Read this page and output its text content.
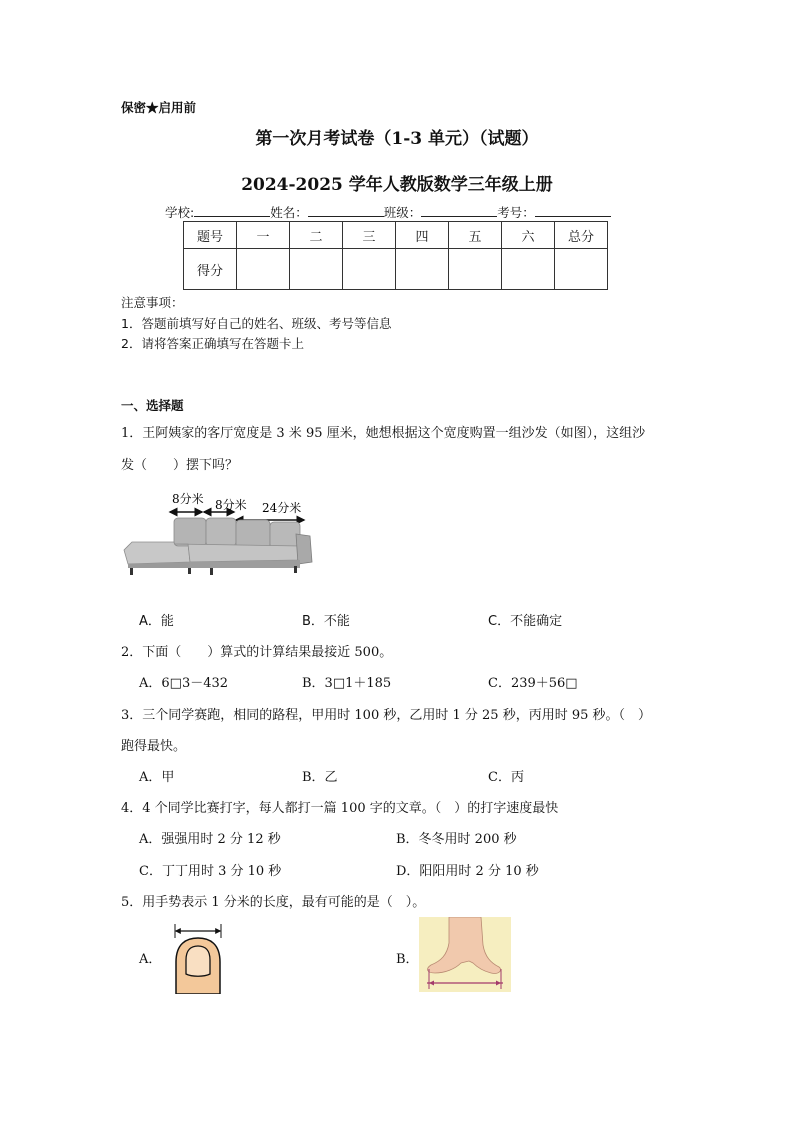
保密★启用前
第一次月考试卷（1-3 单元）（试题）
2024-2025 学年人教版数学三年级上册
学校:	姓名：	班级：	考号：
题号	一	二	三	四	五	六	总分
得分							
注意事项：
1．答题前填写好自己的姓名、班级、考号等信息
2．请将答案正确填写在答题卡上
一、选择题
1．王阿姨家的客厅宽度是 3 米 95 厘米，她想根据这个宽度购置一组沙发（如图），这组沙
发（　　）摆下吗？
8分米 8分米 24分米
A．能	B．不能	C．不能确定
2．下面（　　）算式的计算结果最接近 500。
A．6□3－432	B．3□1＋185	C．239＋56□
3．三个同学赛跑，相同的路程，甲用时 100 秒，乙用时 1 分 25 秒，丙用时 95 秒。（　）
跑得最快。
A．甲	B．乙	C．丙
4．4 个同学比赛打字，每人都打一篇 100 字的文章。（　）的打字速度最快
A．强强用时 2 分 12 秒	B．冬冬用时 200 秒
C．丁丁用时 3 分 10 秒	D．阳阳用时 2 分 10 秒
5．用手势表示 1 分米的长度，最有可能的是（　）。
A．	B．
